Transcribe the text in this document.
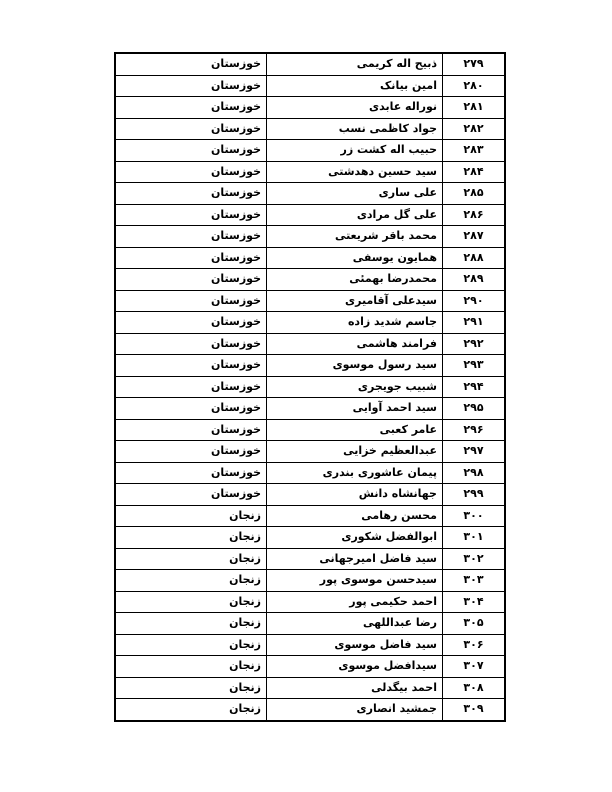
خوزستان	ذبیح اله کریمی	۲۷۹
خوزستان	امین بیانک	۲۸۰
خوزستان	نوراله عابدی	۲۸۱
خوزستان	جواد کاظمی نسب	۲۸۲
خوزستان	حبیب اله کشت زر	۲۸۳
خوزستان	سید حسین دهدشتی	۲۸۴
خوزستان	علی ساری	۲۸۵
خوزستان	علی گل مرادی	۲۸۶
خوزستان	محمد باقر شریعتی	۲۸۷
خوزستان	همایون یوسفی	۲۸۸
خوزستان	محمدرضا بهمئی	۲۸۹
خوزستان	سیدعلی آقامیری	۲۹۰
خوزستان	جاسم شدید زاده	۲۹۱
خوزستان	فرامند هاشمی	۲۹۲
خوزستان	سید رسول موسوی	۲۹۳
خوزستان	شبیب جویجری	۲۹۴
خوزستان	سید احمد آوایی	۲۹۵
خوزستان	عامر کعبی	۲۹۶
خوزستان	عبدالعظیم خزایی	۲۹۷
خوزستان	پیمان عاشوری بندری	۲۹۸
خوزستان	جهانشاه دانش	۲۹۹
زنجان	محسن رهامی	۳۰۰
زنجان	ابوالفضل شکوری	۳۰۱
زنجان	سید فاضل امیرجهانی	۳۰۲
زنجان	سیدحسن موسوی پور	۳۰۳
زنجان	احمد حکیمی پور	۳۰۴
زنجان	رضا عبداللهی	۳۰۵
زنجان	سید فاضل موسوی	۳۰۶
زنجان	سیدافضل موسوی	۳۰۷
زنجان	احمد بیگدلی	۳۰۸
زنجان	جمشید انصاری	۳۰۹
